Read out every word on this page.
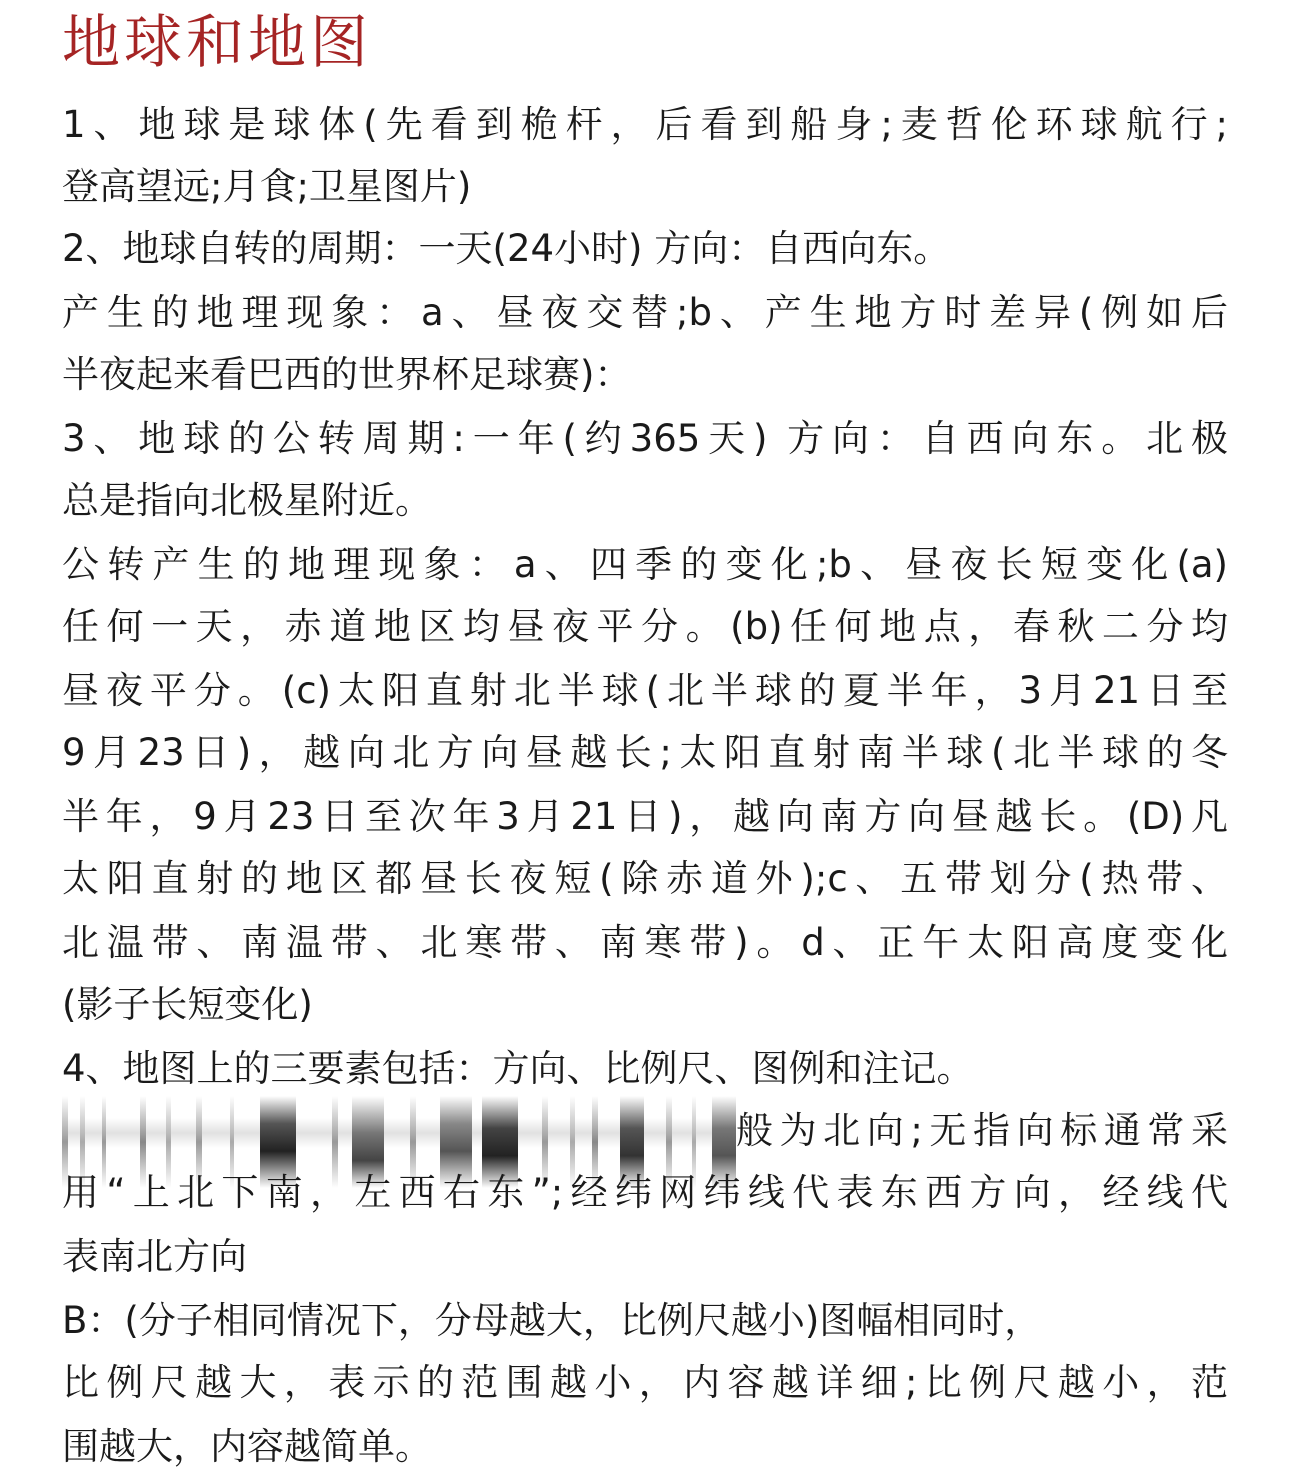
地球和地图
1、地球是球体(先看到桅杆，后看到船身;麦哲伦环球航行;
登高望远;月食;卫星图片)
2、地球自转的周期：一天(24小时) 方向：自西向东。
产生的地理现象：a、昼夜交替;b、产生地方时差异(例如后
半夜起来看巴西的世界杯足球赛)：
3、地球的公转周期:一年(约365天) 方向：自西向东。北极
总是指向北极星附近。
公转产生的地理现象：a、四季的变化;b、昼夜长短变化(a)
任何一天，赤道地区均昼夜平分。(b)任何地点，春秋二分均
昼夜平分。(c)太阳直射北半球(北半球的夏半年，3月21日至
9月23日)，越向北方向昼越长;太阳直射南半球(北半球的冬
半年，9月23日至次年3月21日)，越向南方向昼越长。(D)凡
太阳直射的地区都昼长夜短(除赤道外);c、五带划分(热带、
北温带、南温带、北寒带、南寒带)。d、正午太阳高度变化
(影子长短变化)
4、地图上的三要素包括：方向、比例尺、图例和注记。
般为北向;无指向标通常采
用“上北下南，左西右东”;经纬网纬线代表东西方向，经线代
表南北方向
B：(分子相同情况下，分母越大，比例尺越小)图幅相同时，
比例尺越大，表示的范围越小，内容越详细;比例尺越小，范
围越大，内容越简单。
